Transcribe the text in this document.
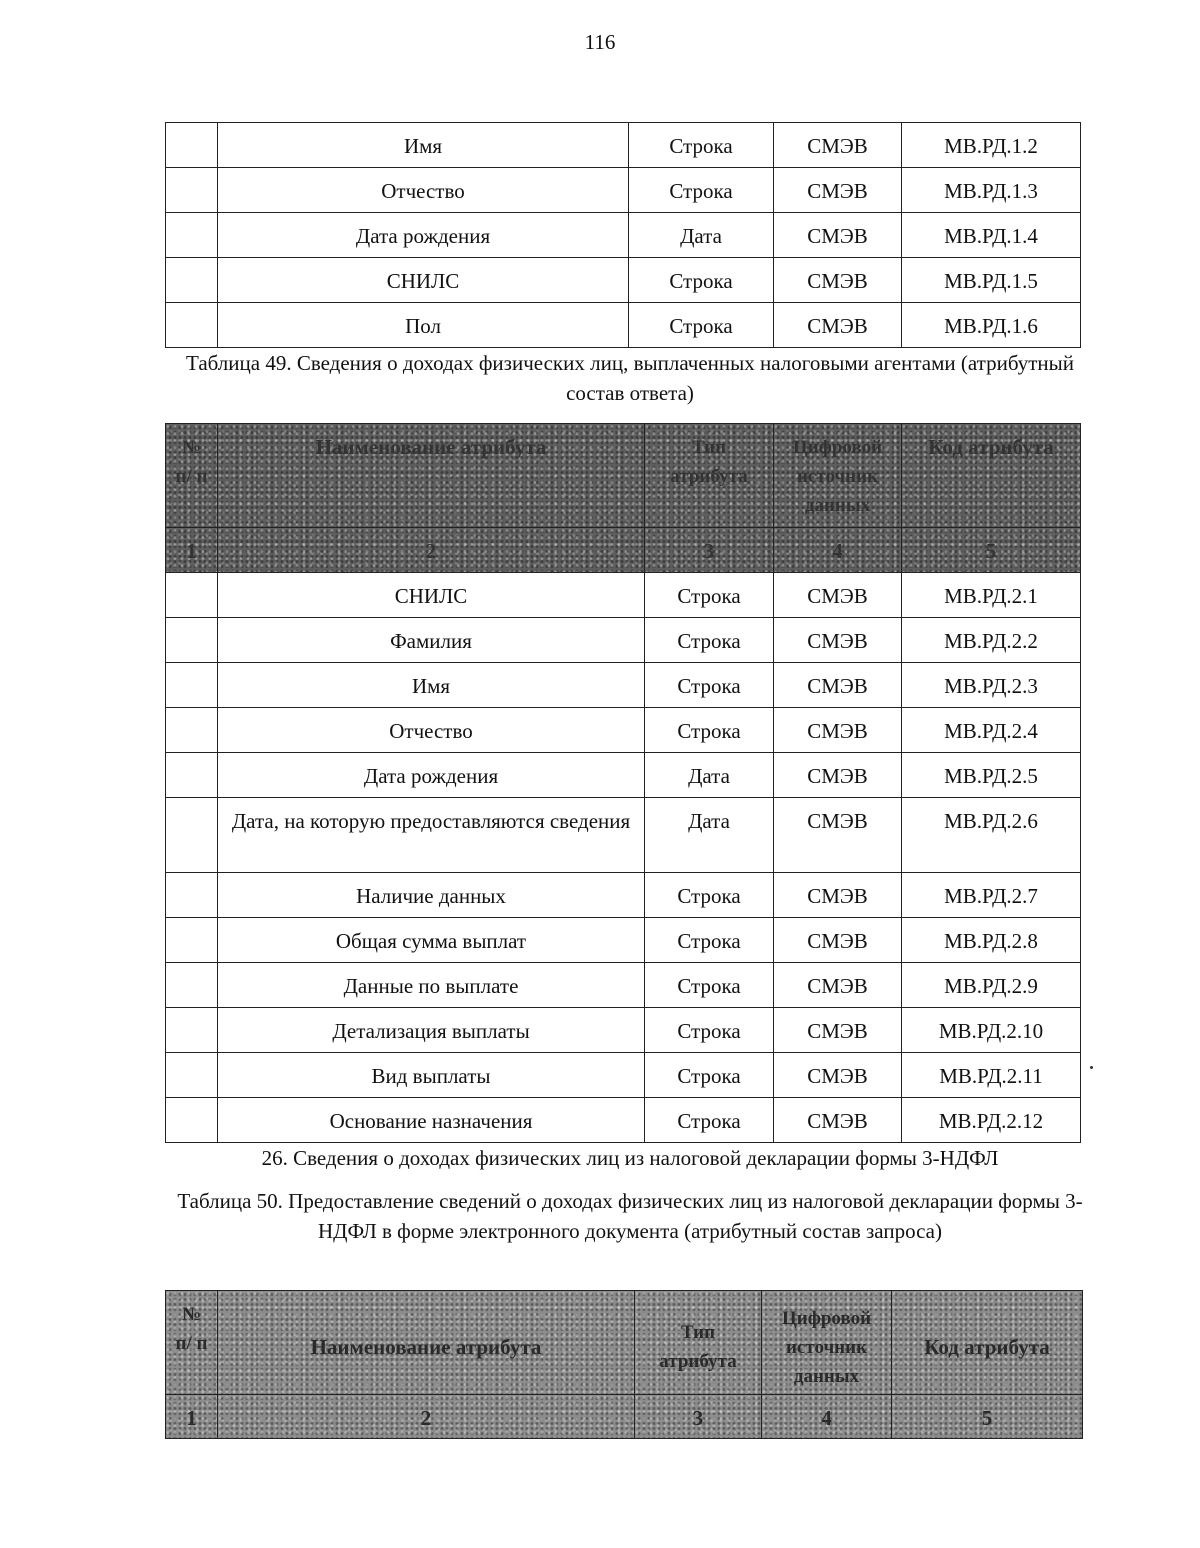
116
	Имя	Строка	СМЭВ	МВ.РД.1.2
	Отчество	Строка	СМЭВ	МВ.РД.1.3
	Дата рождения	Дата	СМЭВ	МВ.РД.1.4
	СНИЛС	Строка	СМЭВ	МВ.РД.1.5
	Пол	Строка	СМЭВ	МВ.РД.1.6
Таблица 49. Сведения о доходах физических лиц, выплаченных налоговыми агентами (атрибутный состав ответа)
№ п/ п	Наименование атрибута	Тип атрибута	Цифровой источник данных	Код атрибута
1	2	3	4	5
	СНИЛС	Строка	СМЭВ	МВ.РД.2.1
	Фамилия	Строка	СМЭВ	МВ.РД.2.2
	Имя	Строка	СМЭВ	МВ.РД.2.3
	Отчество	Строка	СМЭВ	МВ.РД.2.4
	Дата рождения	Дата	СМЭВ	МВ.РД.2.5
	Дата, на которую предоставляются сведения	Дата	СМЭВ	МВ.РД.2.6
	Наличие данных	Строка	СМЭВ	МВ.РД.2.7
	Общая сумма выплат	Строка	СМЭВ	МВ.РД.2.8
	Данные по выплате	Строка	СМЭВ	МВ.РД.2.9
	Детализация выплаты	Строка	СМЭВ	МВ.РД.2.10
	Вид выплаты	Строка	СМЭВ	МВ.РД.2.11
	Основание назначения	Строка	СМЭВ	МВ.РД.2.12
26. Сведения о доходах физических лиц из налоговой декларации формы 3-НДФЛ
Таблица 50. Предоставление сведений о доходах физических лиц из налоговой декларации формы 3-НДФЛ в форме электронного документа (атрибутный состав запроса)
№ п/ п	Наименование атрибута	Тип атрибута	Цифровой источник данных	Код атрибута
1	2	3	4	5
